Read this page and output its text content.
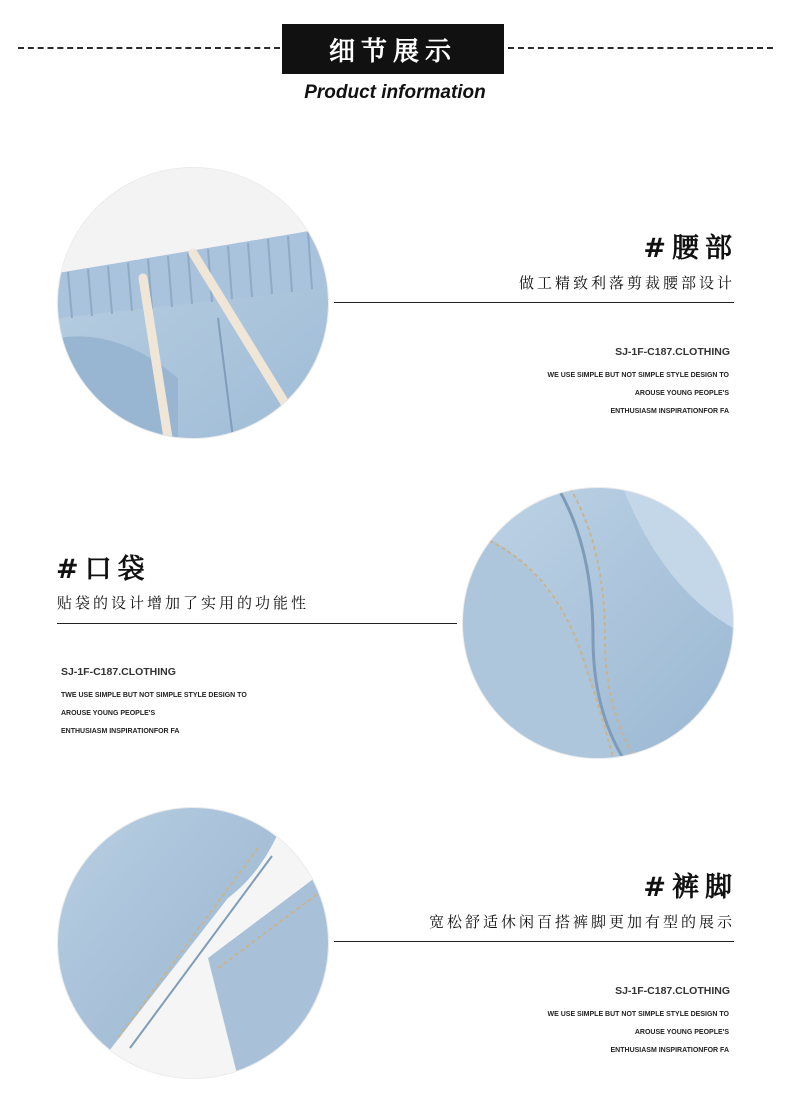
细节展示
Product information
#腰部
做工精致利落剪裁腰部设计
SJ-1F-C187.CLOTHING
WE USE SIMPLE BUT NOT SIMPLE STYLE DESIGN TO
AROUSE YOUNG PEOPLE'S
ENTHUSIASM INSPIRATIONFOR FA
#口袋
贴袋的设计增加了实用的功能性
SJ-1F-C187.CLOTHING
TWE USE SIMPLE BUT NOT SIMPLE STYLE DESIGN TO
AROUSE YOUNG PEOPLE'S
ENTHUSIASM INSPIRATIONFOR FA
#裤脚
宽松舒适休闲百搭裤脚更加有型的展示
SJ-1F-C187.CLOTHING
WE USE SIMPLE BUT NOT SIMPLE STYLE DESIGN TO
AROUSE YOUNG PEOPLE'S
ENTHUSIASM INSPIRATIONFOR FA
